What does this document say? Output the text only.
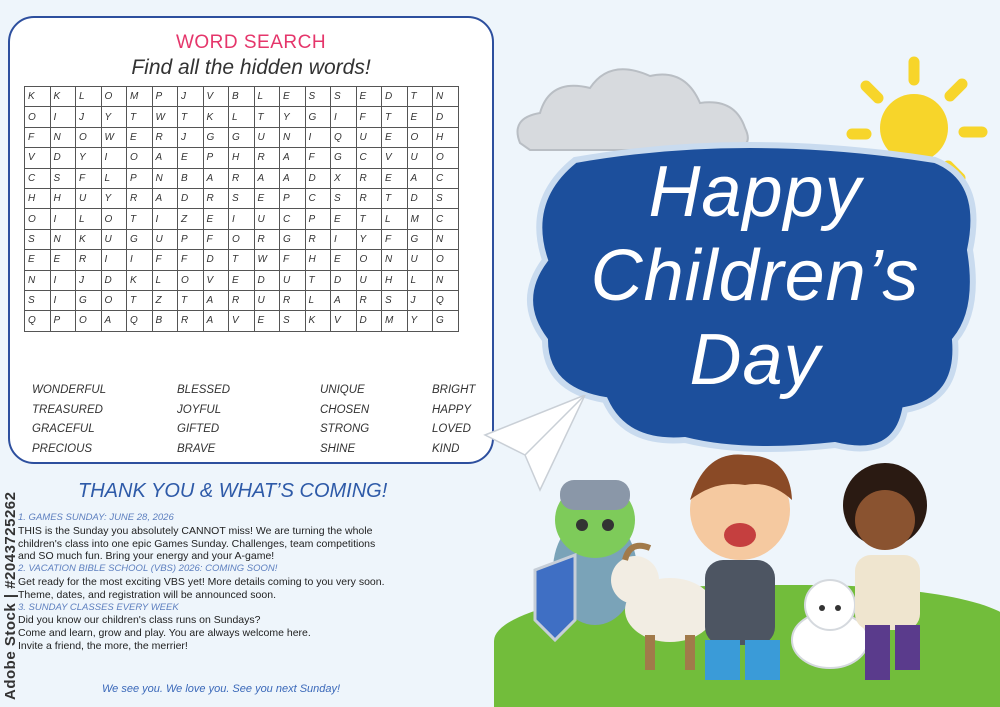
WORD SEARCH
Find all the hidden words!
K	K	L	O	M	P	J	V	B	L	E	S	S	E	D	T	N
O	I	J	Y	T	W	T	K	L	T	Y	G	I	F	T	E	D
F	N	O	W	E	R	J	G	G	U	N	I	Q	U	E	O	H
V	D	Y	I	O	A	E	P	H	R	A	F	G	C	V	U	O
C	S	F	L	P	N	B	A	R	A	A	D	X	R	E	A	C
H	H	U	Y	R	A	D	R	S	E	P	C	S	R	T	D	S
O	I	L	O	T	I	Z	E	I	U	C	P	E	T	L	M	C
S	N	K	U	G	U	P	F	O	R	G	R	I	Y	F	G	N
E	E	R	I	I	F	F	D	T	W	F	H	E	O	N	U	O
N	I	J	D	K	L	O	V	E	D	U	T	D	U	H	L	N
S	I	G	O	T	Z	T	A	R	U	R	L	A	R	S	J	Q
Q	P	O	A	Q	B	R	A	V	E	S	K	V	D	M	Y	G
WONDERFUL
TREASURED
GRACEFUL
PRECIOUS
BLESSED
JOYFUL
GIFTED
BRAVE
UNIQUE
CHOSEN
STRONG
SHINE
BRIGHT
HAPPY
LOVED
KIND
THANK YOU & WHAT’S COMING!
1. GAMES SUNDAY: JUNE 28, 2026
THIS is the Sunday you absolutely CANNOT miss! We are turning the whole
children's class into one epic Games Sunday. Challenges, team competitions
and SO much fun. Bring your energy and your A-game!
2. VACATION BIBLE SCHOOL (VBS) 2026: COMING SOON!
Get ready for the most exciting VBS yet! More details coming to you very soon.
Theme, dates, and registration will be announced soon.
3. SUNDAY CLASSES EVERY WEEK
Did you know our children's class runs on Sundays?
Come and learn, grow and play. You are always welcome here.
Invite a friend, the more, the merrier!
We see you. We love you. See you next Sunday!
Happy
Children’s
Day
Adobe Stock | #2043725262
